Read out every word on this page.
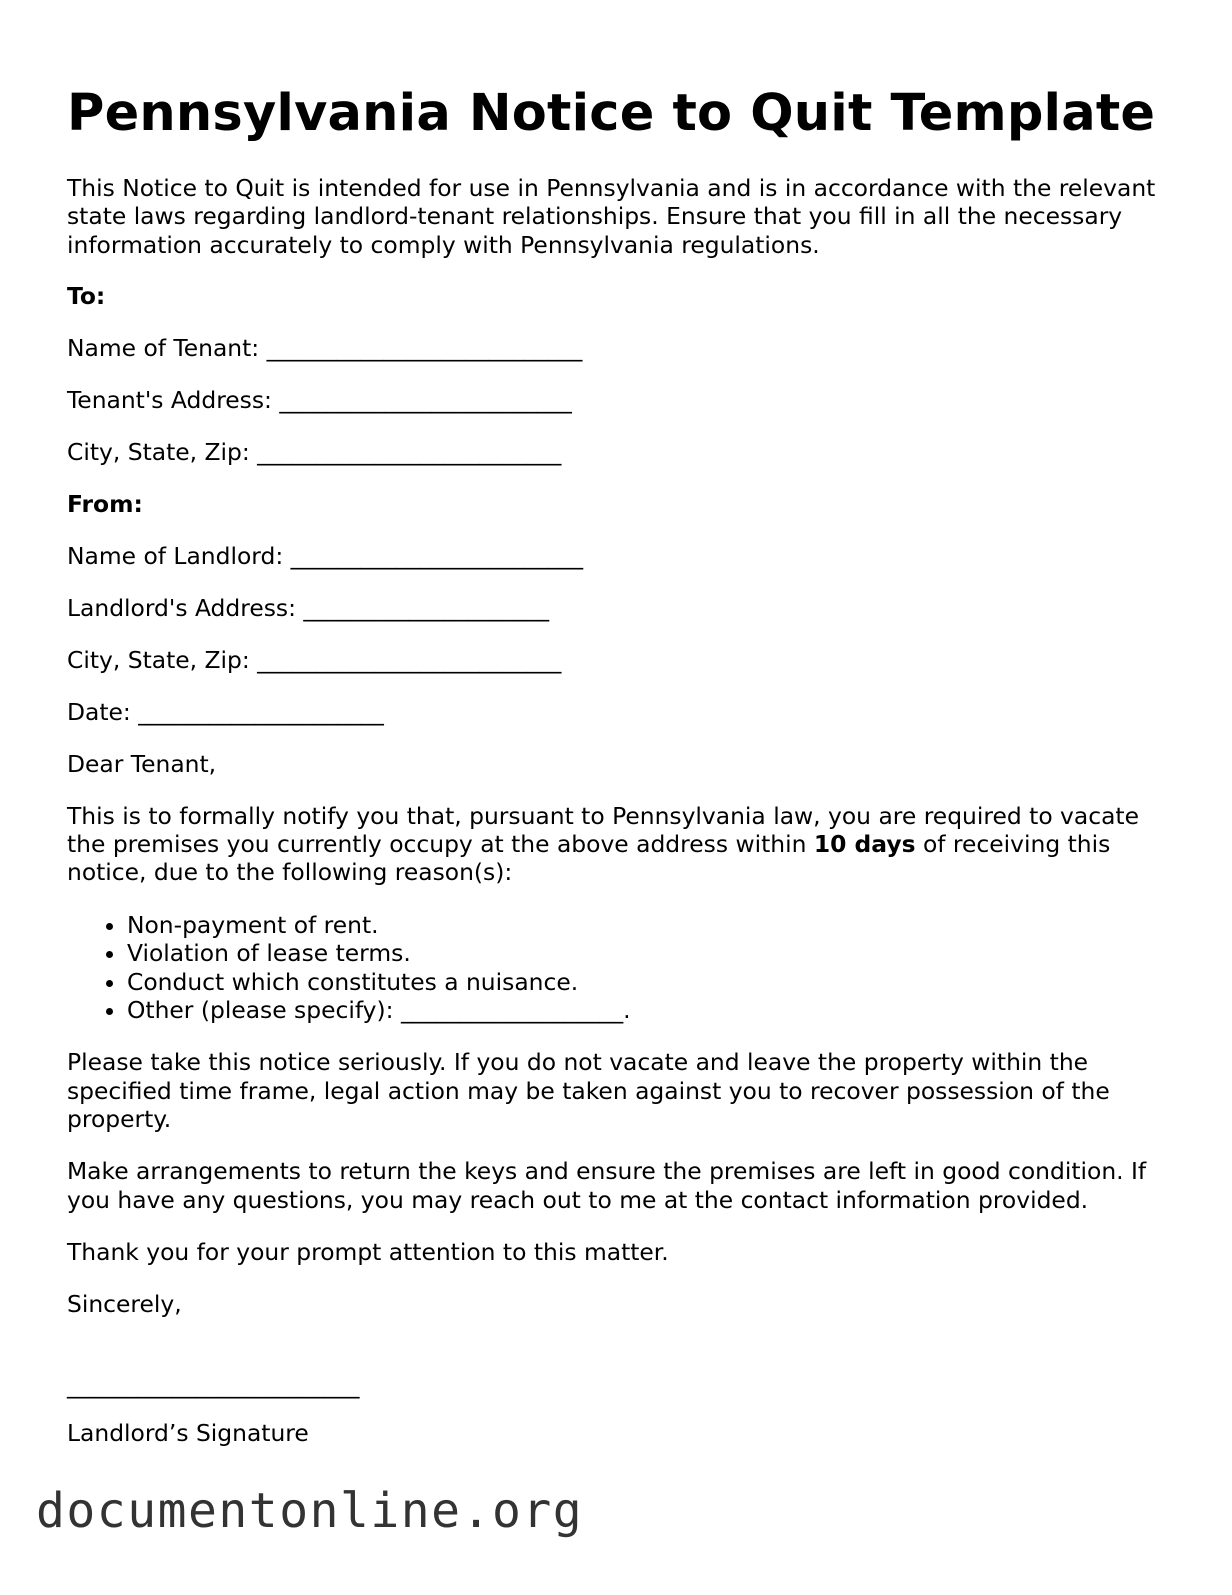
Pennsylvania Notice to Quit Template

This Notice to Quit is intended for use in Pennsylvania and is in accordance with the relevant state laws regarding landlord-tenant relationships. Ensure that you fill in all the necessary information accurately to comply with Pennsylvania regulations.

To:

Name of Tenant: ___________________________

Tenant's Address: _________________________

City, State, Zip: __________________________

From:

Name of Landlord: _________________________

Landlord's Address: _____________________

City, State, Zip: __________________________

Date: _____________________

Dear Tenant,

This is to formally notify you that, pursuant to Pennsylvania law, you are required to vacate the premises you currently occupy at the above address within 10 days of receiving this notice, due to the following reason(s):

• Non-payment of rent.
• Violation of lease terms.
• Conduct which constitutes a nuisance.
• Other (please specify): ___________________.

Please take this notice seriously. If you do not vacate and leave the property within the specified time frame, legal action may be taken against you to recover possession of the property.

Make arrangements to return the keys and ensure the premises are left in good condition. If you have any questions, you may reach out to me at the contact information provided.

Thank you for your prompt attention to this matter.

Sincerely,

_________________________
Landlord’s Signature
documentonline.org
